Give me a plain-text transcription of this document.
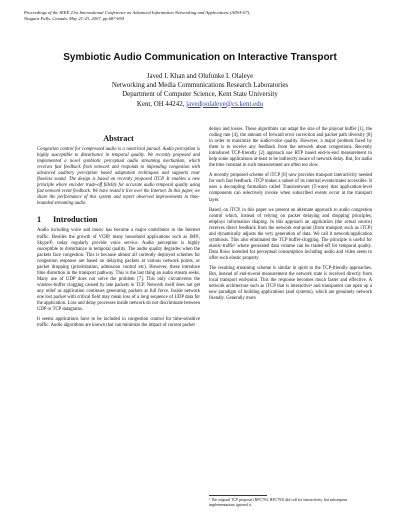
Proceedings of the IEEE 21st International Conference on Advanced Information Networking and Applications (AINA-07),
Niagara Falls, Canada, May 21-23, 2007, pp.687-694
Symbiotic Audio Communication on Interactive Transport
Javed I. Khan and Olufunke I. Olaleye
Networking and Media Communications Research Laboratories
Department of Computer Science, Kent State University
Kent, OH 44242, javed|oolaleye@cs.kent.edu
Abstract

Congestion control for compressed audio is a nontrivial pursuit. Audio perception is highly susceptible to disturbance in temporal quality. We recently proposed and implemented a novel symbiotic perceptual audio streaming mechanism, which receives fast feedback from network and responds to impending congestion with advanced auditory perception based adaptation techniques and supports near flawless sound. The design is based on recently proposed iTCP. It enables a new principle where encoder trade-off fidelity for accurate audio temporal quality using fast network event feedback. We have tested it live over the Internet. In this paper, we share the performance of this system and report observed improvements in time-bounded streaming audio.

1 Introduction

Audio including voice and music has become a major contributor to the Internet traffic. Besides the growth of VOIP, many household applications such as IM®, Skype®, today regularly provide voice service. Audio perception is highly susceptible to disturbance in temporal quality. The audio quality degrades when the packets face congestion. This is because almost all currently deployed schemes for congestion response are based on delaying packets at various network points, or packet dropping (prioritization, admission control etc). However, these introduce time distortion in the transport pathway. This is the last thing an audio stream seeks. Many use of UDP does not solve the problem [7]. This only circumvents the window-buffer clogging caused by late packets in TCP. Network itself does not get any relief as application continues generating packets at full force. Inside network one lost packet with critical field may mean loss of a long sequence of UDP data for the application. Loss and delay processes inside network do not discriminate between UDP or TCP datagrams.

It seems applications have to be included in congestion control for time-sensitive traffic. Audio algorithms are known that can minimize the impact of current packet

delays and losses. These algorithms can adapt the size of the playout buffer [1], the coding rate [4], the amount of forward error correction and packet path diversity [8] in order to maximize the audio/voice quality. However, a major problem faced by them is to receive any feedback from the network about congestions. Recently introduced TCP-friendly [2] approach use RTP based end-to-end measurement to help some applications at-least to be indirectly aware of network delay. But, for audio the time constant in such measurement are often too slow.

A recently proposed scheme of iTCP [6] now provides transport interactivity needed for such fast feedback. iTCP makes a subset of its internal events/states accessible. It uses a decoupling formalism called Transientware (T-ware) that application-level components can selectively invoke when subscribed events occur at the transport layer.

Based, on iTCP, in this paper we present an alternate approach to audio congestion control which, instead of relying on packet delaying and dropping principles, employs information shaping. In this approach an application (the actual source) receives direct feedback from the network end-point (from transport such as iTCP) and dynamically adjusts the very generation of data. We call it network/application symbiosis. This also eliminated the TCP buffer-clogging. The principle is useful for elastic-traffic¹ where generated data volume can be traded-off for temporal quality. Data flows intended for perceptual consumption including audio and video seem to offer such elastic property.

The resulting streaming scheme is similar in spirit to the TCP-friendly approaches. But, instead of end-to-end measurement the network state is received directly from local transport end-point. This the response becomes much faster and effective. A network architecture such as iTCP that is interactive¹ and transparent can open up a new paradigm of building applications (and systems), which are genuinely network friendly. Generally more

¹ The original TCP proposal (RFC793, RFC793) did call for interactivity, but subsequent implementations ignored it.
